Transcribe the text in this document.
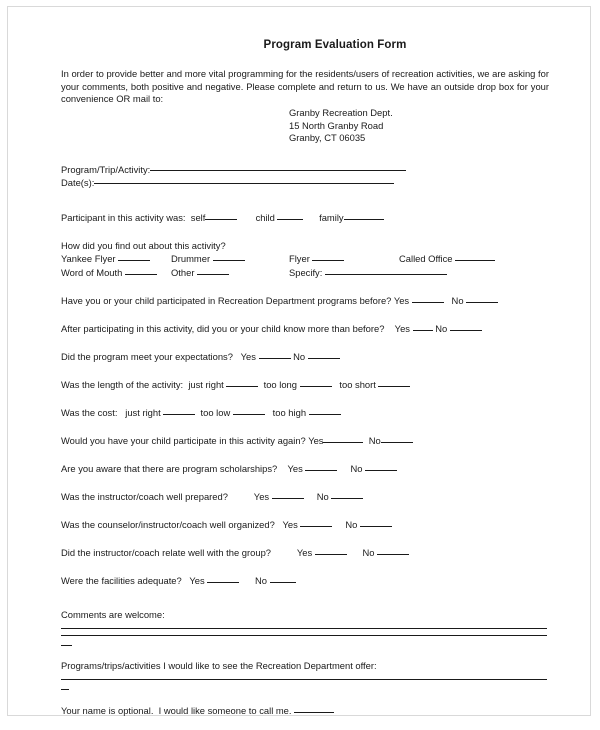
Program Evaluation Form

In order to provide better and more vital programming for the residents/users of recreation activities, we are asking for your comments, both positive and negative. Please complete and return to us. We have an outside drop box for your convenience OR mail to:

Granby Recreation Dept.
15 North Granby Road
Granby, CT 06035
Program/Trip/Activity:
Date(s):
Participant in this activity was: self	child	family
How did you find out about this activity?
Yankee Flyer	Drummer	Flyer	Called Office
Word of Mouth	Other	Specify:
Have you or your child participated in Recreation Department programs before? Yes	No
After participating in this activity, did you or your child know more than before?    Yes  No
Did the program meet your expectations?   Yes	No
Was the length of the activity:  just right	too long	too short
Was the cost:   just right	too low	too high
Would you have your child participate in this activity again? Yes	No
Are you aware that there are program scholarships?    Yes	No
Was the instructor/coach well prepared?          Yes	No
Was the counselor/instructor/coach well organized?   Yes	No
Did the instructor/coach relate well with the group?          Yes	No
Were the facilities adequate?   Yes	No
Comments are welcome:
Programs/trips/activities I would like to see the Recreation Department offer:
Your name is optional.  I would like someone to call me.
